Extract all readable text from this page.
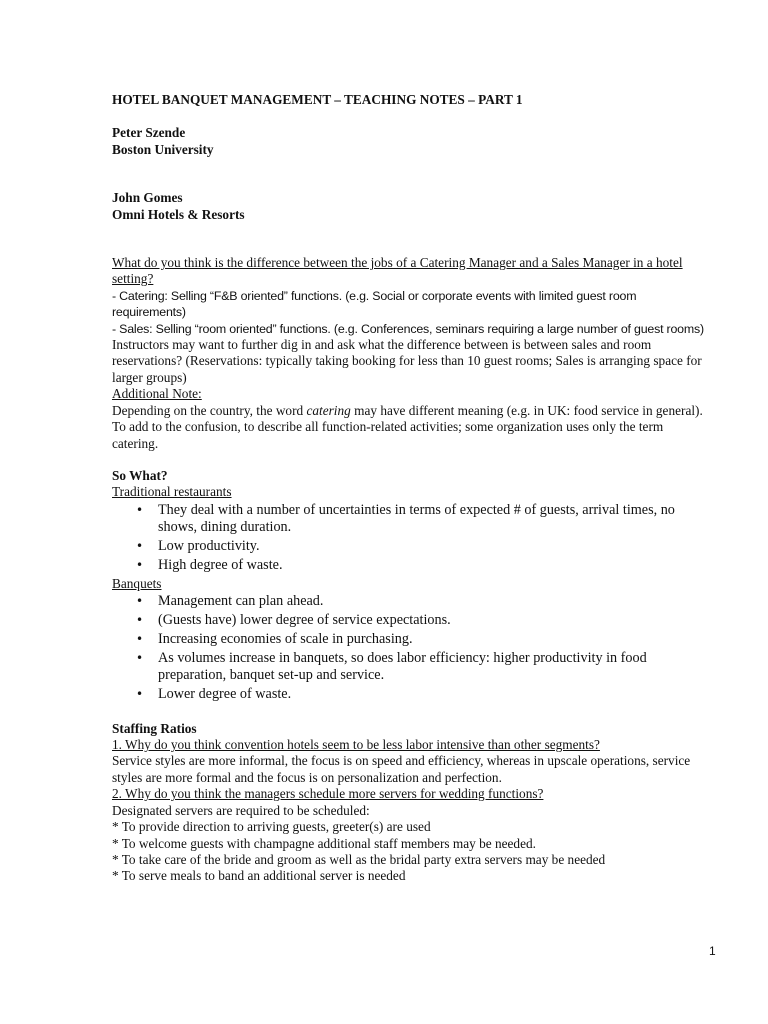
HOTEL BANQUET MANAGEMENT – TEACHING NOTES – PART 1

Peter Szende

Boston University

John Gomes

Omni Hotels & Resorts

What do you think is the difference between the jobs of a Catering Manager and a Sales Manager in a hotel setting?

- Catering: Selling “F&B oriented” functions. (e.g. Social or corporate events with limited guest room requirements)

- Sales: Selling “room oriented” functions. (e.g. Conferences, seminars requiring a large number of guest rooms)

Instructors may want to further dig in and ask what the difference between is between sales and room reservations? (Reservations: typically taking booking for less than 10 guest rooms; Sales is arranging space for larger groups)

Additional Note:

Depending on the country, the word catering may have different meaning (e.g. in UK: food service in general). To add to the confusion, to describe all function-related activities; some organization uses only the term catering.

So What?

Traditional restaurants

• They deal with a number of uncertainties in terms of expected # of guests, arrival times, no shows, dining duration.
• Low productivity.
• High degree of waste.

Banquets

• Management can plan ahead.
• (Guests have) lower degree of service expectations.
• Increasing economies of scale in purchasing.
• As volumes increase in banquets, so does labor efficiency: higher productivity in food preparation, banquet set-up and service.
• Lower degree of waste.

Staffing Ratios

1. Why do you think convention hotels seem to be less labor intensive than other segments?

Service styles are more informal, the focus is on speed and efficiency, whereas in upscale operations, service styles are more formal and the focus is on personalization and perfection.

2. Why do you think the managers schedule more servers for wedding functions?

Designated servers are required to be scheduled:

* To provide direction to arriving guests, greeter(s) are used

* To welcome guests with champagne additional staff members may be needed.

* To take care of the bride and groom as well as the bridal party extra servers may be needed

* To serve meals to band an additional server is needed

1
